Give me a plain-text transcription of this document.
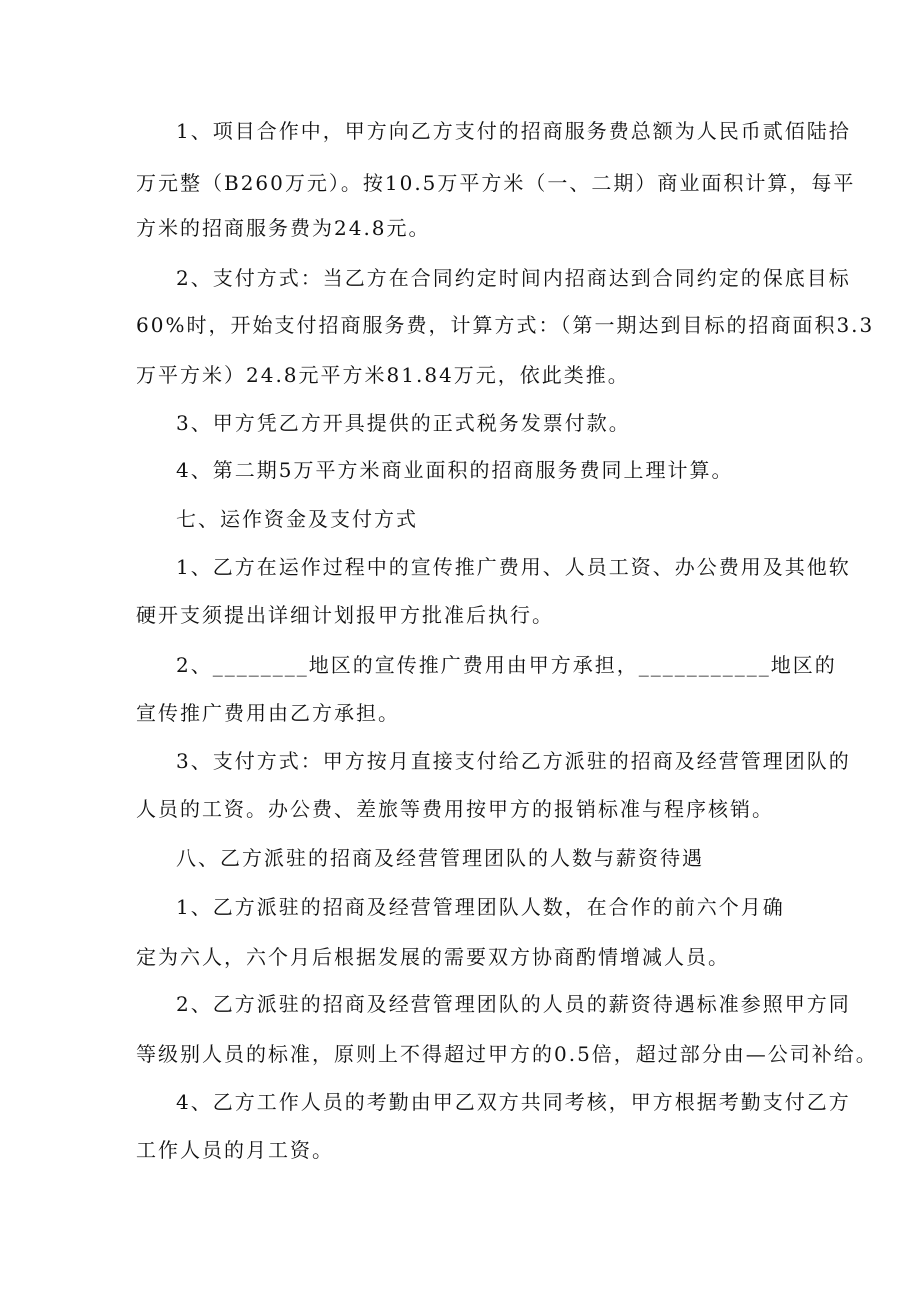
1、项目合作中，甲方向乙方支付的招商服务费总额为人民币贰佰陆拾
万元整（B260万元）。按10.5万平方米（一、二期）商业面积计算，每平
方米的招商服务费为24.8元。
2、支付方式：当乙方在合同约定时间内招商达到合同约定的保底目标
60%时，开始支付招商服务费，计算方式：（第一期达到目标的招商面积3.3
万平方米）24.8元平方米81.84万元，依此类推。
3、甲方凭乙方开具提供的正式税务发票付款。
4、第二期5万平方米商业面积的招商服务费同上理计算。
七、运作资金及支付方式
1、乙方在运作过程中的宣传推广费用、人员工资、办公费用及其他软
硬开支须提出详细计划报甲方批准后执行。
2、________地区的宣传推广费用由甲方承担，___________地区的
宣传推广费用由乙方承担。
3、支付方式：甲方按月直接支付给乙方派驻的招商及经营管理团队的
人员的工资。办公费、差旅等费用按甲方的报销标准与程序核销。
八、乙方派驻的招商及经营管理团队的人数与薪资待遇
1、乙方派驻的招商及经营管理团队人数，在合作的前六个月确
定为六人，六个月后根据发展的需要双方协商酌情增减人员。
2、乙方派驻的招商及经营管理团队的人员的薪资待遇标准参照甲方同
等级别人员的标准，原则上不得超过甲方的0.5倍，超过部分由—公司补给。
4、乙方工作人员的考勤由甲乙双方共同考核，甲方根据考勤支付乙方
工作人员的月工资。
